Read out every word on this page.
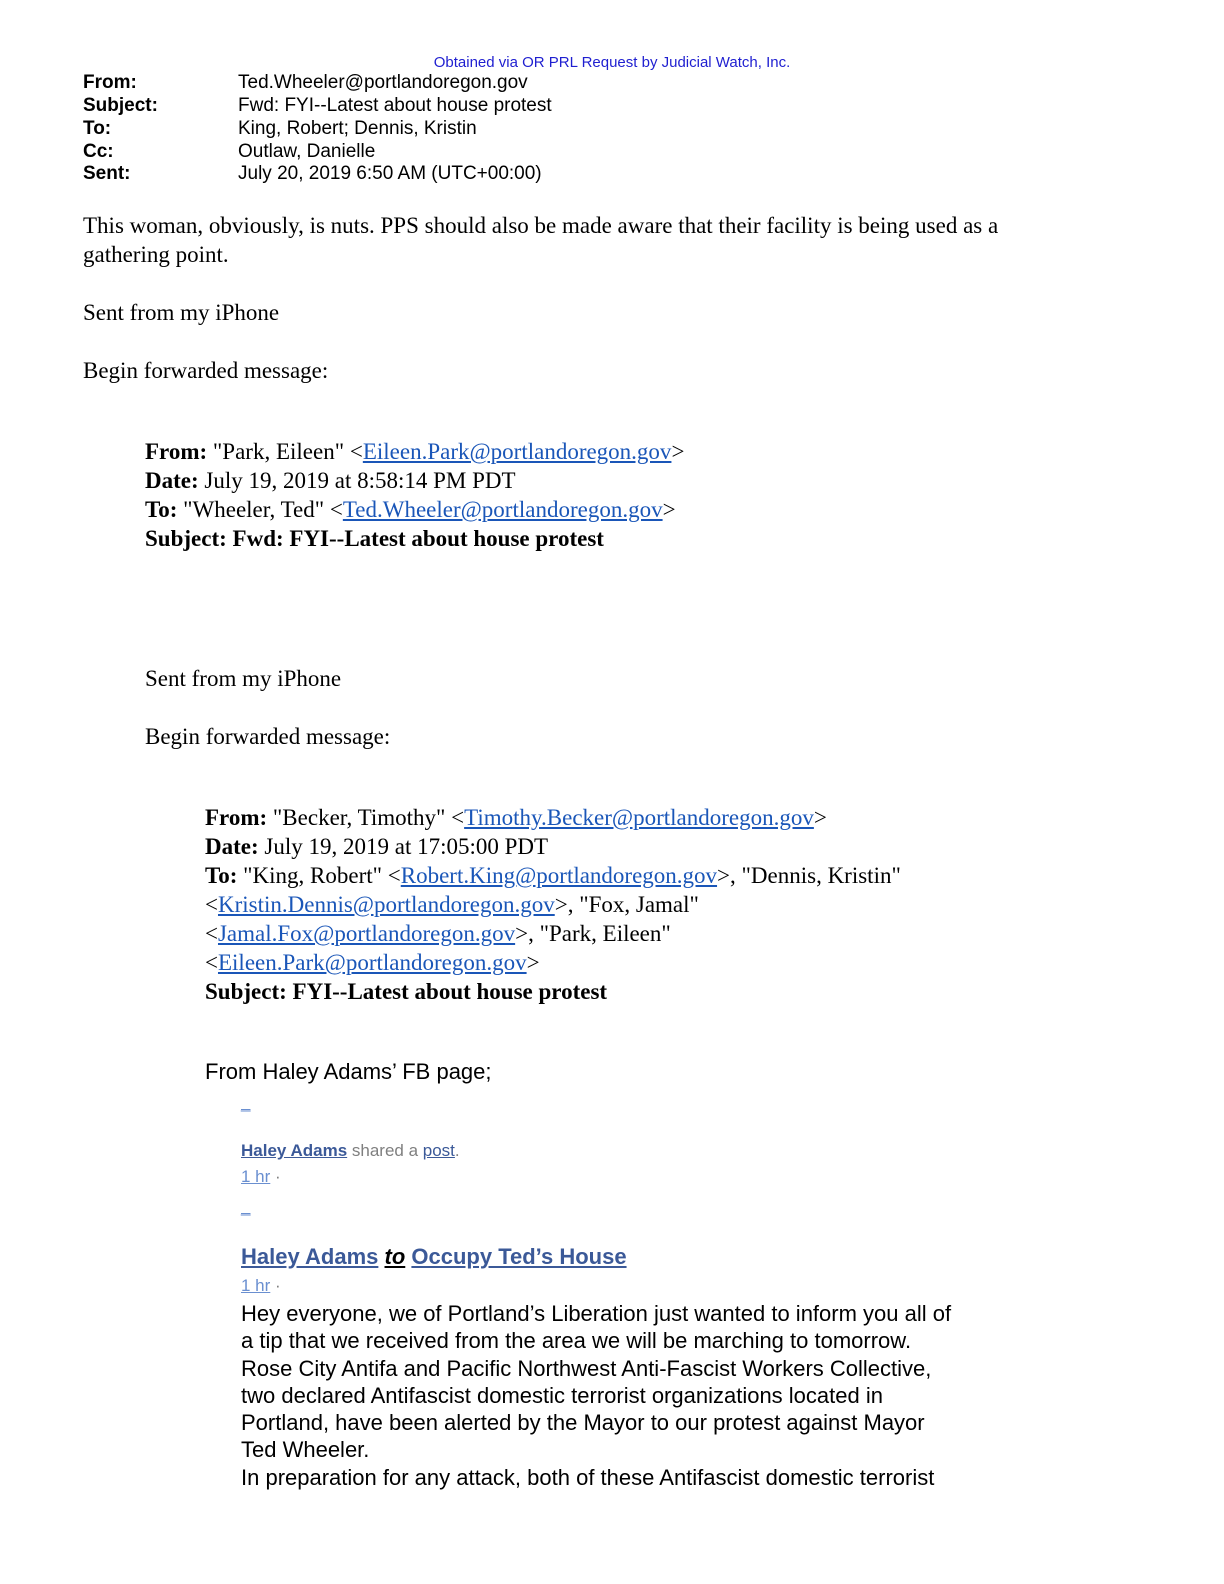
Obtained via OR PRL Request by Judicial Watch, Inc.
From:	Ted.Wheeler@portlandoregon.gov
Subject:	Fwd: FYI--Latest about house protest
To:	King, Robert; Dennis, Kristin
Cc:	Outlaw, Danielle
Sent:	July 20, 2019 6:50 AM (UTC+00:00)
This woman, obviously, is nuts. PPS should also be made aware that their facility is being used as a
gathering point.
Sent from my iPhone
Begin forwarded message:
From: "Park, Eileen" <Eileen.Park@portlandoregon.gov>
Date: July 19, 2019 at 8:58:14 PM PDT
To: "Wheeler, Ted" <Ted.Wheeler@portlandoregon.gov>
Subject: Fwd: FYI--Latest about house protest
Sent from my iPhone
Begin forwarded message:
From: "Becker, Timothy" <Timothy.Becker@portlandoregon.gov>
Date: July 19, 2019 at 17:05:00 PDT
To: "King, Robert" <Robert.King@portlandoregon.gov>, "Dennis, Kristin"
<Kristin.Dennis@portlandoregon.gov>, "Fox, Jamal"
<Jamal.Fox@portlandoregon.gov>, "Park, Eileen"
<Eileen.Park@portlandoregon.gov>
Subject: FYI--Latest about house protest
From Haley Adams’ FB page;
_
Haley Adams shared a post.
1 hr ·
_
Haley Adams to Occupy Ted’s House
1 hr ·
Hey everyone, we of Portland’s Liberation just wanted to inform you all of
a tip that we received from the area we will be marching to tomorrow.
Rose City Antifa and Pacific Northwest Anti-Fascist Workers Collective,
two declared Antifascist domestic terrorist organizations located in
Portland, have been alerted by the Mayor to our protest against Mayor
Ted Wheeler.
In preparation for any attack, both of these Antifascist domestic terrorist
